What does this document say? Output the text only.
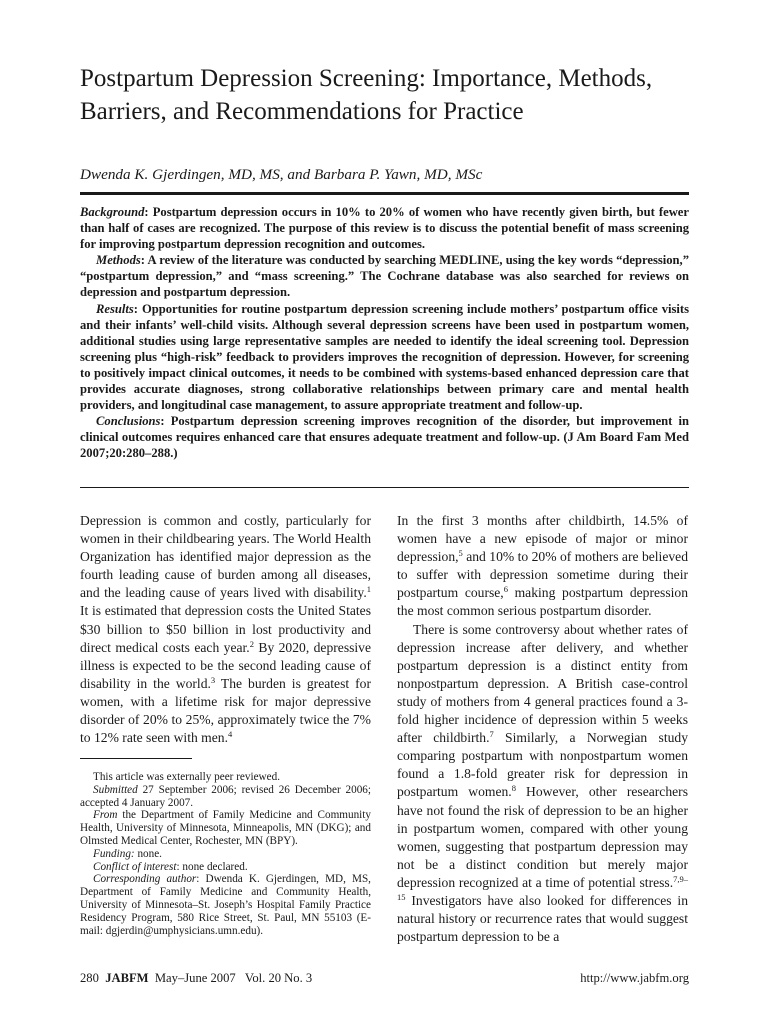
Postpartum Depression Screening: Importance, Methods, Barriers, and Recommendations for Practice
Dwenda K. Gjerdingen, MD, MS, and Barbara P. Yawn, MD, MSc

Background: Postpartum depression occurs in 10% to 20% of women who have recently given birth, but fewer than half of cases are recognized. The purpose of this review is to discuss the potential benefit of mass screening for improving postpartum depression recognition and outcomes.

Methods: A review of the literature was conducted by searching MEDLINE, using the key words “depression,” “postpartum depression,” and “mass screening.” The Cochrane database was also searched for reviews on depression and postpartum depression.

Results: Opportunities for routine postpartum depression screening include mothers’ postpartum office visits and their infants’ well-child visits. Although several depression screens have been used in postpartum women, additional studies using large representative samples are needed to identify the ideal screening tool. Depression screening plus “high-risk” feedback to providers improves the recognition of depression. However, for screening to positively impact clinical outcomes, it needs to be combined with systems-based enhanced depression care that provides accurate diagnoses, strong collaborative relationships between primary care and mental health providers, and longitudinal case management, to assure appropriate treatment and follow-up.

Conclusions: Postpartum depression screening improves recognition of the disorder, but improvement in clinical outcomes requires enhanced care that ensures adequate treatment and follow-up. (J Am Board Fam Med 2007;20:280–288.)

Depression is common and costly, particularly for women in their childbearing years. The World Health Organization has identified major depression as the fourth leading cause of burden among all diseases, and the leading cause of years lived with disability.$^1$ It is estimated that depression costs the United States $30 billion to $50 billion in lost productivity and direct medical costs each year.$^2$ By 2020, depressive illness is expected to be the second leading cause of disability in the world.$^3$ The burden is greatest for women, with a lifetime risk for major depressive disorder of 20% to 25%, approximately twice the 7% to 12% rate seen with men.$^4$

This article was externally peer reviewed.

Submitted 27 September 2006; revised 26 December 2006; accepted 4 January 2007.

From the Department of Family Medicine and Community Health, University of Minnesota, Minneapolis, MN (DKG); and Olmsted Medical Center, Rochester, MN (BPY).

Funding: none.

Conflict of interest: none declared.

Corresponding author: Dwenda K. Gjerdingen, MD, MS, Department of Family Medicine and Community Health, University of Minnesota–St. Joseph’s Hospital Family Practice Residency Program, 580 Rice Street, St. Paul, MN 55103 (E-mail: dgjerdin@umphysicians.umn.edu).

In the first 3 months after childbirth, 14.5% of women have a new episode of major or minor depression,$^5$ and 10% to 20% of mothers are believed to suffer with depression sometime during their postpartum course,$^6$ making postpartum depression the most common serious postpartum disorder.

There is some controversy about whether rates of depression increase after delivery, and whether postpartum depression is a distinct entity from nonpostpartum depression. A British case-control study of mothers from 4 general practices found a 3-fold higher incidence of depression within 5 weeks after childbirth.$^7$ Similarly, a Norwegian study comparing postpartum with nonpostpartum women found a 1.8-fold greater risk for depression in postpartum women.$^8$ However, other researchers have not found the risk of depression to be an higher in postpartum women, compared with other young women, suggesting that postpartum depression may not be a distinct condition but merely major depression recognized at a time of potential stress.$^{7,9-15}$ Investigators have also looked for differences in natural history or recurrence rates that would suggest postpartum depression to be a

280 JABFM May–June 2007   Vol. 20 No. 3	http://www.jabfm.org
